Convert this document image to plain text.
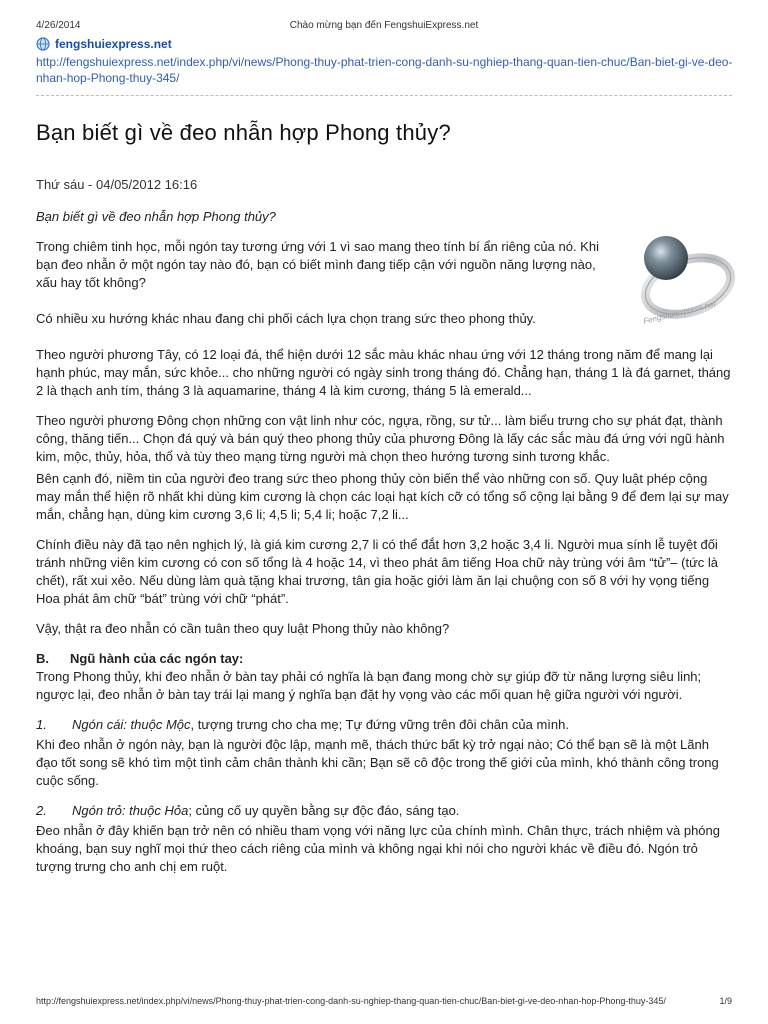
4/26/2014	Chào mừng bạn đến FengshuiExpress.net
fengshuiexpress.net
http://fengshuiexpress.net/index.php/vi/news/Phong-thuy-phat-trien-cong-danh-su-nghiep-thang-quan-tien-chuc/Ban-biet-gi-ve-deo-nhan-hop-Phong-thuy-345/
Bạn biết gì về đeo nhẫn hợp Phong thủy?
Thứ sáu - 04/05/2012 16:16
Fengshuiexpress.net

Bạn biết gì về đeo nhẫn hợp Phong thủy?

Trong chiêm tinh học, mỗi ngón tay tương ứng với 1 vì sao mang theo tính bí ẩn riêng của nó. Khi bạn đeo nhẫn ở một ngón tay nào đó, bạn có biết mình đang tiếp cận với nguồn năng lượng nào, xấu hay tốt không?

Có nhiều xu hướng khác nhau đang chi phối cách lựa chọn trang sức theo phong thủy.

Theo người phương Tây, có 12 loại đá, thể hiện dưới 12 sắc màu khác nhau ứng với 12 tháng trong năm để mang lại hạnh phúc, may mắn, sức khỏe... cho những người có ngày sinh trong tháng đó. Chẳng hạn, tháng 1 là đá garnet, tháng 2 là thạch anh tím, tháng 3 là aquamarine, tháng 4 là kim cương, tháng 5 là emerald...

Theo người phương Đông chọn những con vật linh như cóc, ngựa, rồng, sư tử... làm biểu trưng cho sự phát đạt, thành công, thăng tiến... Chọn đá quý và bán quý theo phong thủy của phương Đông là lấy các sắc màu đá ứng với ngũ hành kim, mộc, thủy, hỏa, thổ và tùy theo mạng từng người mà chọn theo hướng tương sinh tương khắc.

Bên cạnh đó, niềm tin của người đeo trang sức theo phong thủy còn biến thể vào những con số. Quy luật phép cộng may mắn thể hiện rõ nhất khi dùng kim cương là chọn các loại hạt kích cỡ có tổng số cộng lại bằng 9 để đem lại sự may mắn, chẳng hạn, dùng kim cương 3,6 li; 4,5 li; 5,4 li; hoặc 7,2 li...

Chính điều này đã tạo nên nghịch lý, là giá kim cương 2,7 li có thể đắt hơn 3,2 hoặc 3,4 li. Người mua sính lễ tuyệt đối tránh những viên kim cương có con số tổng là 4 hoặc 14, vì theo phát âm tiếng Hoa chữ này trùng với âm “tử”– (tức là chết), rất xui xẻo. Nếu dùng làm quà tặng khai trương, tân gia hoặc giới làm ăn lại chuộng con số 8 với hy vọng tiếng Hoa phát âm chữ “bát” trùng với chữ “phát”.

Vậy, thật ra đeo nhẫn có cần tuân theo quy luật Phong thủy nào không?

B. Ngũ hành của các ngón tay:

Trong Phong thủy, khi đeo nhẫn ở bàn tay phải có nghĩa là bạn đang mong chờ sự giúp đỡ từ năng lượng siêu linh; ngược lại, đeo nhẫn ở bàn tay trái lại mang ý nghĩa bạn đặt hy vọng vào các mối quan hệ giữa người với người.

1. Ngón cái: thuộc Mộc, tượng trưng cho cha mẹ; Tự đứng vững trên đôi chân của mình.

Khi đeo nhẫn ở ngón này, bạn là người độc lập, mạnh mẽ, thách thức bất kỳ trở ngại nào; Có thể bạn sẽ là một Lãnh đạo tốt song sẽ khó tìm một tình cảm chân thành khi cần; Bạn sẽ cô độc trong thế giới của mình, khó thành công trong cuộc sống.

2. Ngón trỏ: thuộc Hỏa; củng cố uy quyền bằng sự độc đáo, sáng tạo.

Đeo nhẫn ở đây khiến bạn trở nên có nhiều tham vọng với năng lực của chính mình. Chân thực, trách nhiệm và phóng khoáng, bạn suy nghĩ mọi thứ theo cách riêng của mình và không ngại khi nói cho người khác về điều đó. Ngón trỏ tượng trưng cho anh chị em ruột.

http://fengshuiexpress.net/index.php/vi/news/Phong-thuy-phat-trien-cong-danh-su-nghiep-thang-quan-tien-chuc/Ban-biet-gi-ve-deo-nhan-hop-Phong-thuy-345/	1/9
